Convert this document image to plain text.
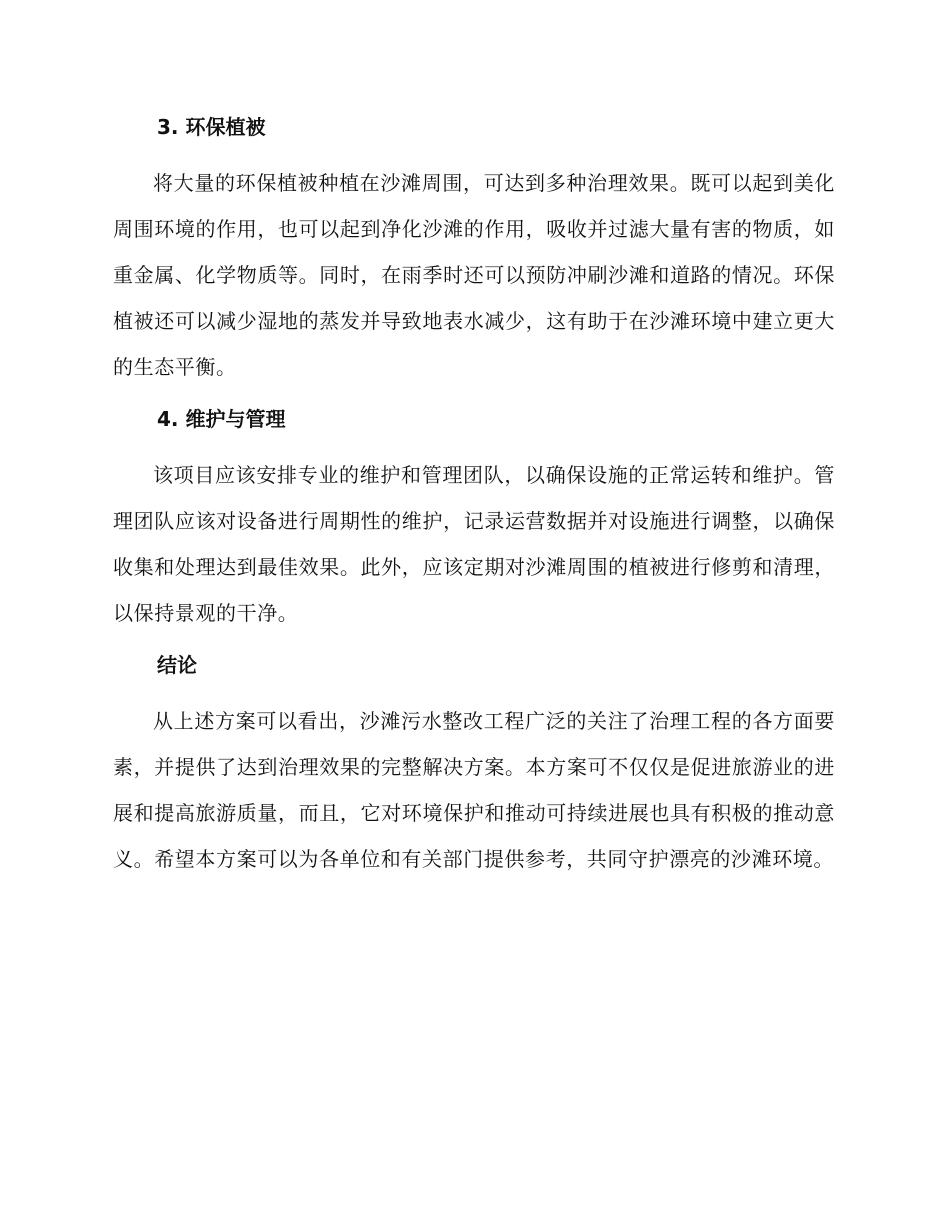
3. 环保植被

将大量的环保植被种植在沙滩周围，可达到多种治理效果。既可以起到美化周围环境的作用，也可以起到净化沙滩的作用，吸收并过滤大量有害的物质，如重金属、化学物质等。同时，在雨季时还可以预防冲刷沙滩和道路的情况。环保植被还可以减少湿地的蒸发并导致地表水减少，这有助于在沙滩环境中建立更大的生态平衡。

4. 维护与管理

该项目应该安排专业的维护和管理团队，以确保设施的正常运转和维护。管理团队应该对设备进行周期性的维护，记录运营数据并对设施进行调整，以确保收集和处理达到最佳效果。此外，应该定期对沙滩周围的植被进行修剪和清理，以保持景观的干净。

结论

从上述方案可以看出，沙滩污水整改工程广泛的关注了治理工程的各方面要素，并提供了达到治理效果的完整解决方案。本方案可不仅仅是促进旅游业的进展和提高旅游质量，而且，它对环境保护和推动可持续进展也具有积极的推动意义。希望本方案可以为各单位和有关部门提供参考，共同守护漂亮的沙滩环境。
